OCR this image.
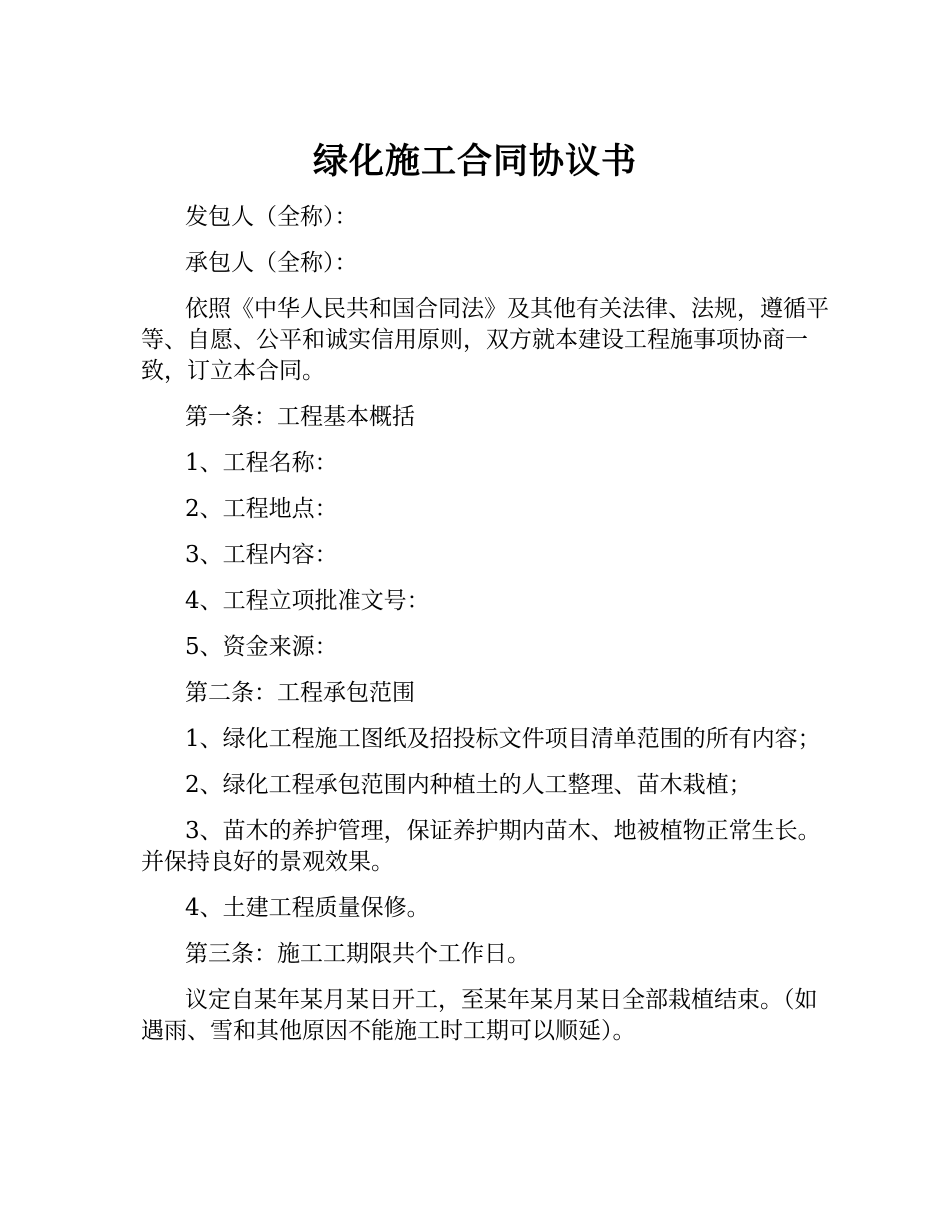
绿化施工合同协议书

发包人（全称）：

承包人（全称）：

依照《中华人民共和国合同法》及其他有关法律、法规，遵循平等、自愿、公平和诚实信用原则，双方就本建设工程施事项协商一致，订立本合同。

第一条：工程基本概括

1、工程名称：

2、工程地点：

3、工程内容：

4、工程立项批准文号：

5、资金来源：

第二条：工程承包范围

1、绿化工程施工图纸及招投标文件项目清单范围的所有内容；

2、绿化工程承包范围内种植土的人工整理、苗木栽植；

3、苗木的养护管理，保证养护期内苗木、地被植物正常生长。并保持良好的景观效果。

4、土建工程质量保修。

第三条：施工工期限共个工作日。

议定自某年某月某日开工，至某年某月某日全部栽植结束。（如遇雨、雪和其他原因不能施工时工期可以顺延）。
